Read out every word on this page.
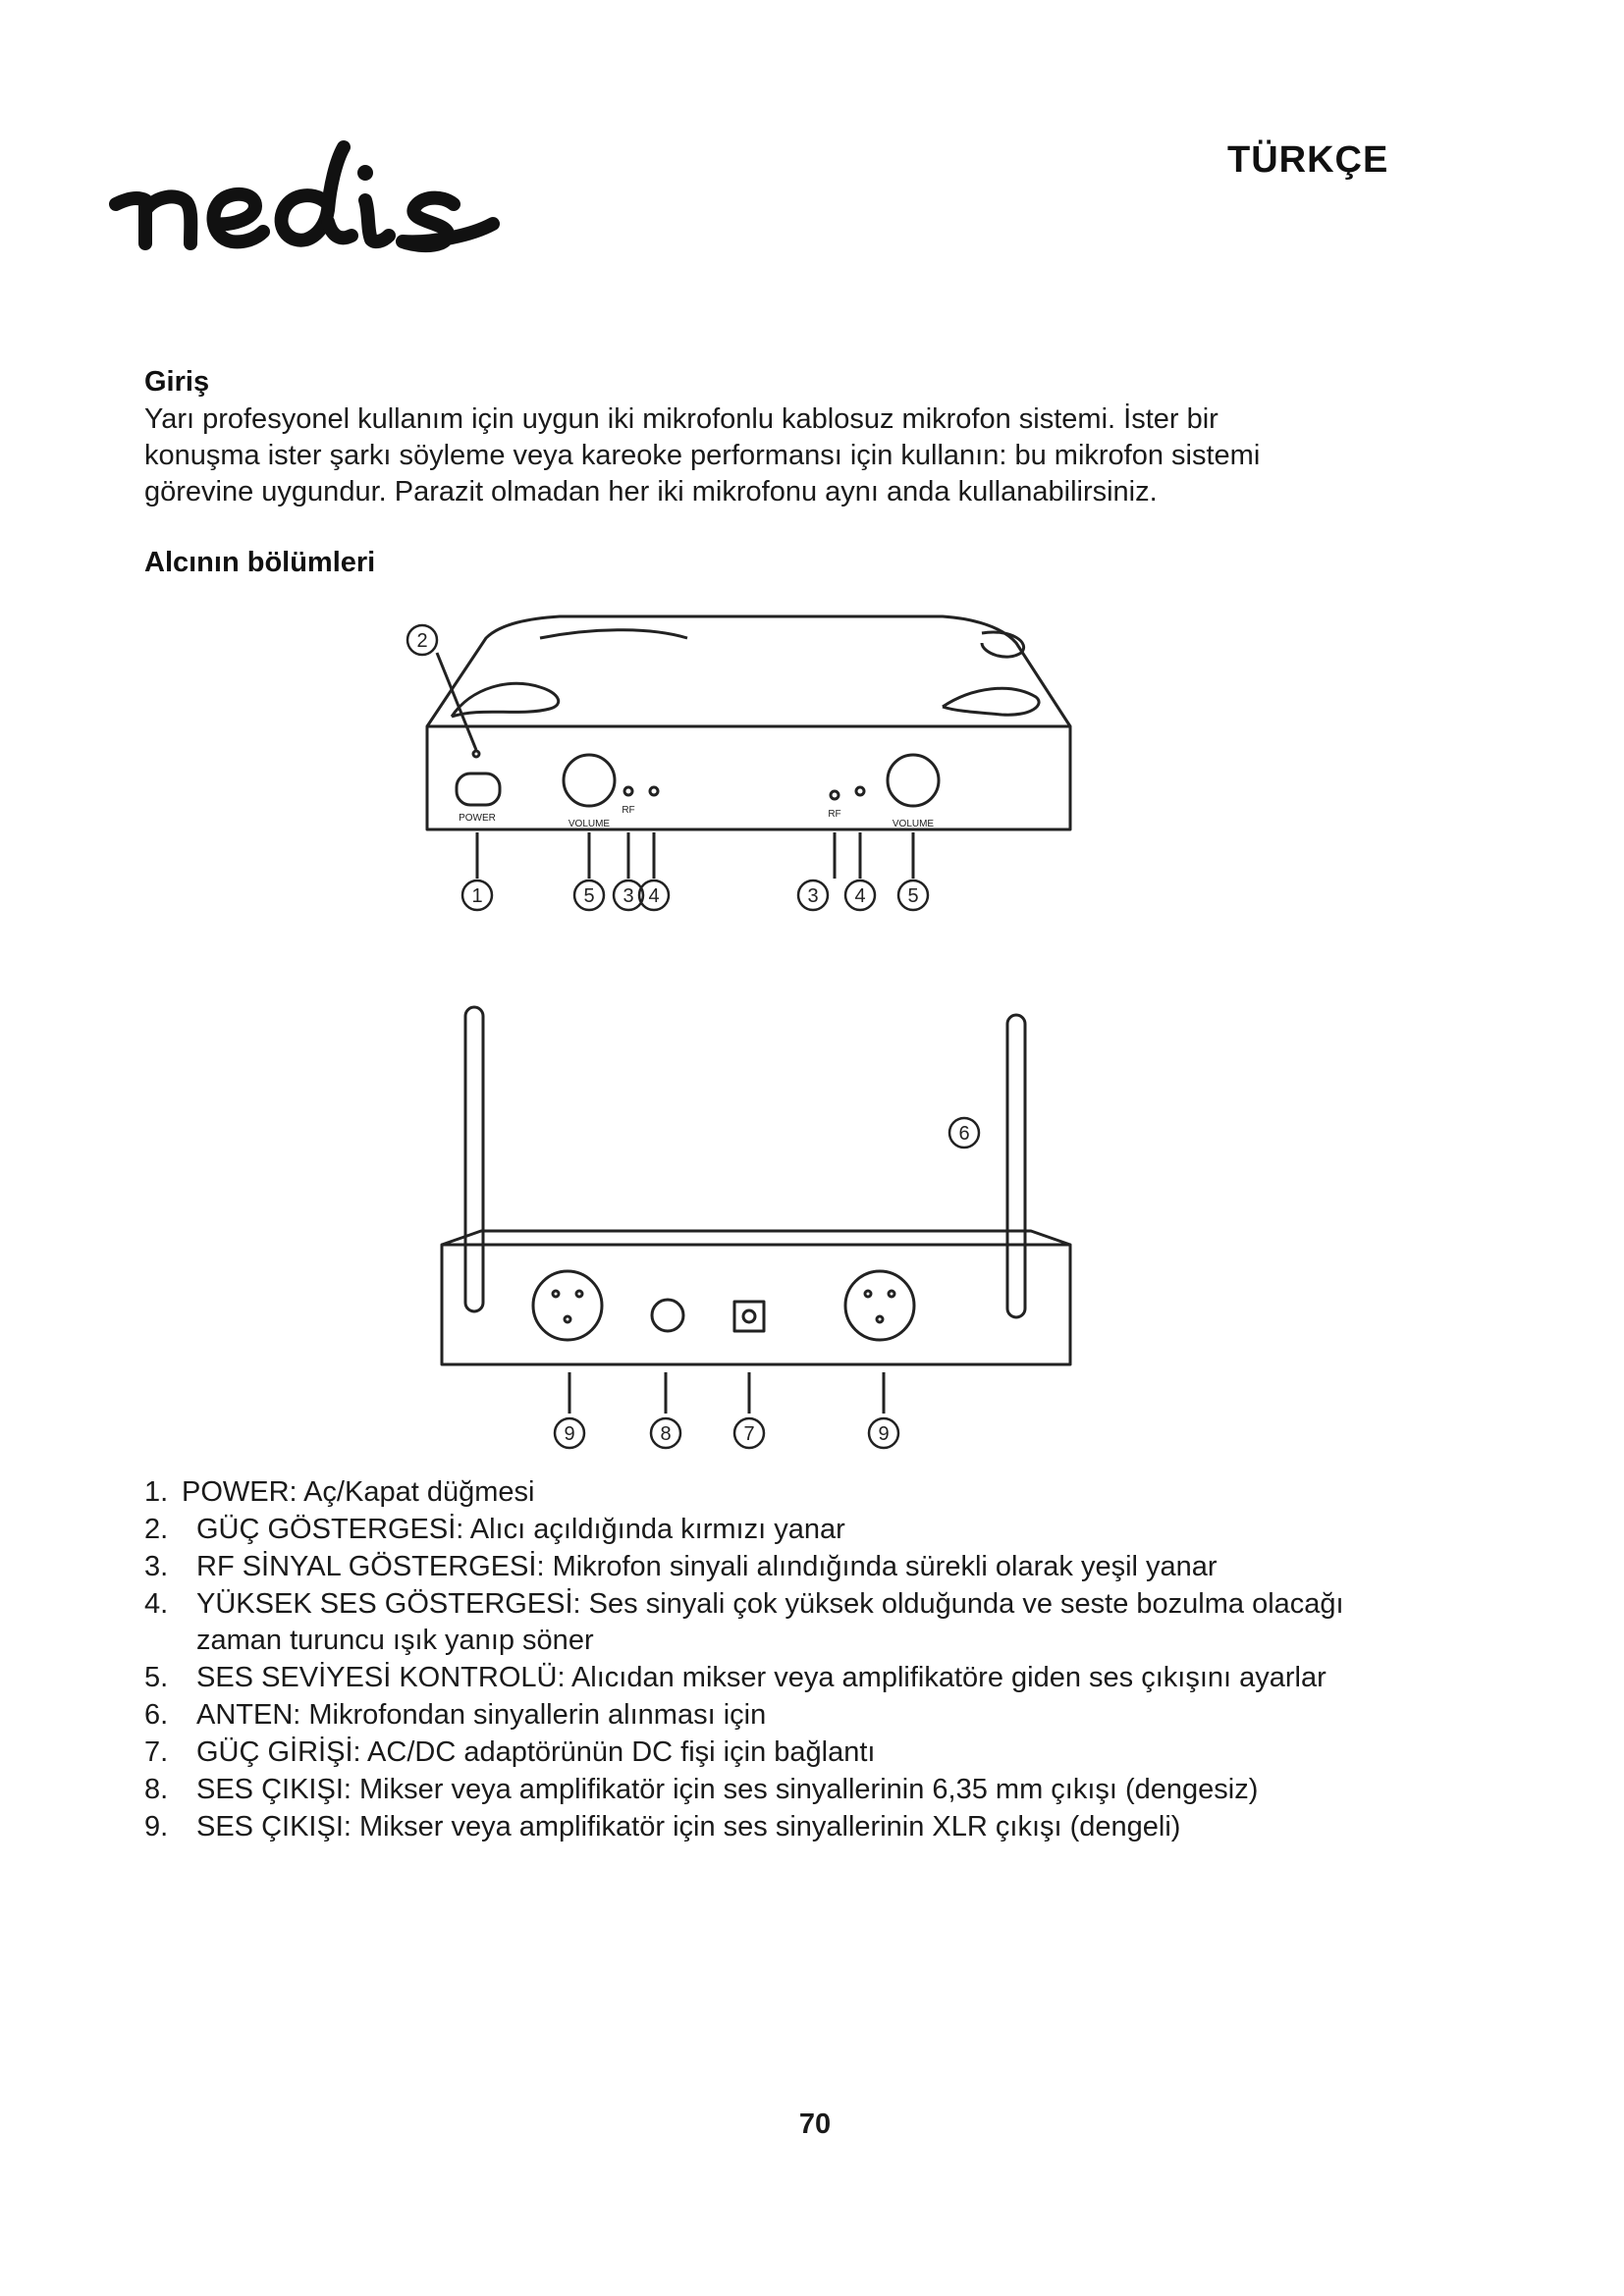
TÜRKÇE
Giriş
Yarı profesyonel kullanım için uygun iki mikrofonlu kablosuz mikrofon sistemi. İster bir
konuşma ister şarkı söyleme veya kareoke performansı için kullanın: bu mikrofon sistemi
görevine uygundur. Parazit olmadan her iki mikrofonu aynı anda kullanabilirsiniz.
Alcının bölümleri
POWER
VOLUME
RF	RF
VOLUME
2
1	5 3 4	3 4 5
6
9	8	7	9
1. POWER: Aç/Kapat düğmesi
2. GÜÇ GÖSTERGESİ: Alıcı açıldığında kırmızı yanar
3. RF SİNYAL GÖSTERGESİ: Mikrofon sinyali alındığında sürekli olarak yeşil yanar
4. YÜKSEK SES GÖSTERGESİ: Ses sinyali çok yüksek olduğunda ve seste bozulma olacağı
zaman turuncu ışık yanıp söner
5. SES SEVİYESİ KONTROLÜ: Alıcıdan mikser veya amplifikatöre giden ses çıkışını ayarlar
6. ANTEN: Mikrofondan sinyallerin alınması için
7. GÜÇ GİRİŞİ: AC/DC adaptörünün DC fişi için bağlantı
8. SES ÇIKIŞI: Mikser veya amplifikatör için ses sinyallerinin 6,35 mm çıkışı (dengesiz)
9. SES ÇIKIŞI: Mikser veya amplifikatör için ses sinyallerinin XLR çıkışı (dengeli)
70
